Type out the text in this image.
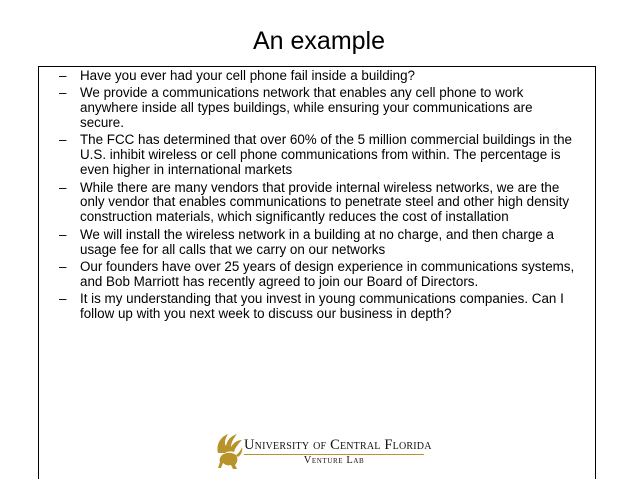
An example
– Have you ever had your cell phone fail inside a building?
– We provide a communications network that enables any cell phone to work anywhere inside all types buildings, while ensuring your communications are secure.
– The FCC has determined that over 60% of the 5 million commercial buildings in the U.S. inhibit wireless or cell phone communications from within. The percentage is even higher in international markets
– While there are many vendors that provide internal wireless networks, we are the only vendor that enables communications to penetrate steel and other high density construction materials, which significantly reduces the cost of installation
– We will install the wireless network in a building at no charge, and then charge a usage fee for all calls that we carry on our networks
– Our founders have over 25 years of design experience in communications systems, and Bob Marriott has recently agreed to join our Board of Directors.
– It is my understanding that you invest in young communications companies. Can I follow up with you next week to discuss our business in depth?
University of Central Florida
Venture Lab
